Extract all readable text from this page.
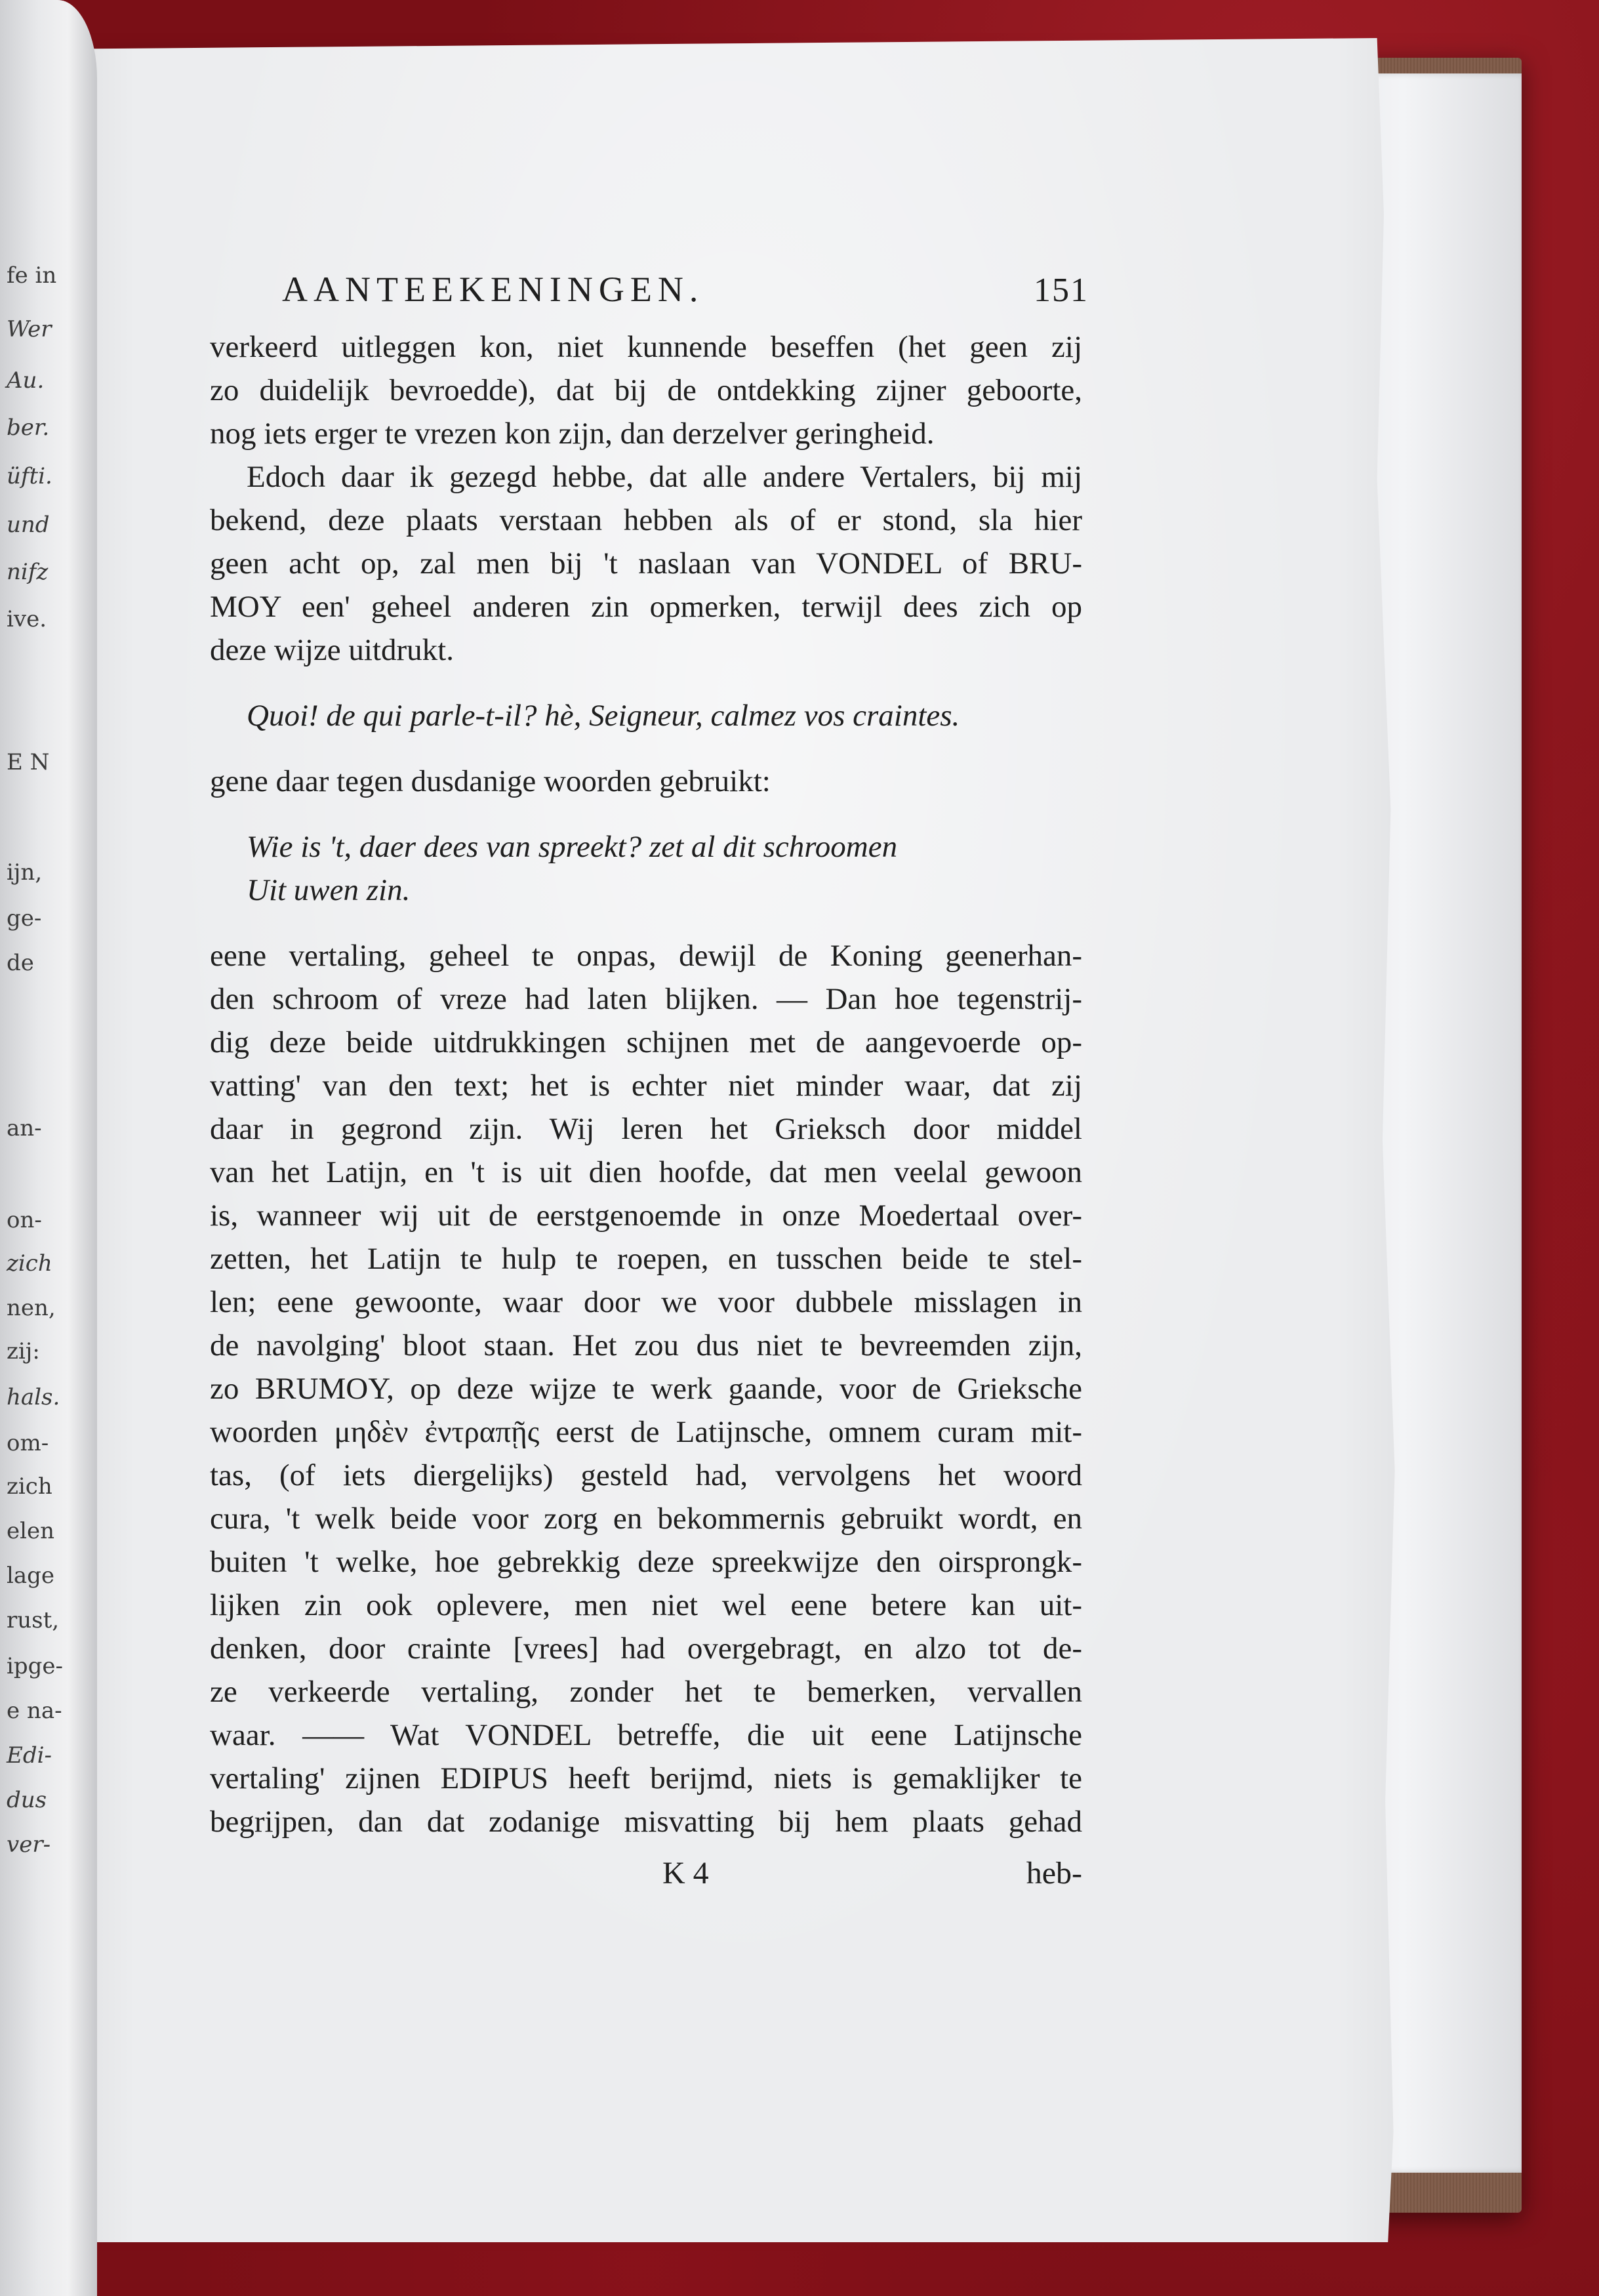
fe in
Wer
Au.
ber.
üfti.
und
nifz
ive.
E N
ijn,
ge-
de
an-
on-
zich
nen,
zij:
hals.
om-
zich
elen
lage
rust,
ipge-
e na-
Edi-
dus
ver-
AANTEEKENINGEN.	151
verkeerd uitleggen kon, niet kunnende beseffen (het geen zij
zo duidelijk bevroedde), dat bij de ontdekking zijner geboorte,
nog iets erger te vrezen kon zijn, dan derzelver geringheid.
Edoch daar ik gezegd hebbe, dat alle andere Vertalers, bij mij
bekend, deze plaats verstaan hebben als of er stond, sla hier
geen acht op, zal men bij 't naslaan van VONDEL of BRU-
MOY een' geheel anderen zin opmerken, terwijl dees zich op
deze wijze uitdrukt.
Quoi! de qui parle-t-il? hè, Seigneur, calmez vos craintes.
gene daar tegen dusdanige woorden gebruikt:
Wie is 't, daer dees van spreekt? zet al dit schroomen
Uit uwen zin.
eene vertaling, geheel te onpas, dewijl de Koning geenerhan-
den schroom of vreze had laten blijken. — Dan hoe tegenstrij-
dig deze beide uitdrukkingen schijnen met de aangevoerde op-
vatting' van den text; het is echter niet minder waar, dat zij
daar in gegrond zijn. Wij leren het Grieksch door middel
van het Latijn, en 't is uit dien hoofde, dat men veelal gewoon
is, wanneer wij uit de eerstgenoemde in onze Moedertaal over-
zetten, het Latijn te hulp te roepen, en tusschen beide te stel-
len; eene gewoonte, waar door we voor dubbele misslagen in
de navolging' bloot staan. Het zou dus niet te bevreemden zijn,
zo BRUMOY, op deze wijze te werk gaande, voor de Grieksche
woorden μηδὲν ἐντραπῇς eerst de Latijnsche, omnem curam mit-
tas, (of iets diergelijks) gesteld had, vervolgens het woord
cura, 't welk beide voor zorg en bekommernis gebruikt wordt, en
buiten 't welke, hoe gebrekkig deze spreekwijze den oirsprongk-
lijken zin ook oplevere, men niet wel eene betere kan uit-
denken, door crainte [vrees] had overgebragt, en alzo tot de-
ze verkeerde vertaling, zonder het te bemerken, vervallen
waar. —— Wat VONDEL betreffe, die uit eene Latijnsche
vertaling' zijnen EDIPUS heeft berijmd, niets is gemaklijker te
begrijpen, dan dat zodanige misvatting bij hem plaats gehad
K 4	heb-
